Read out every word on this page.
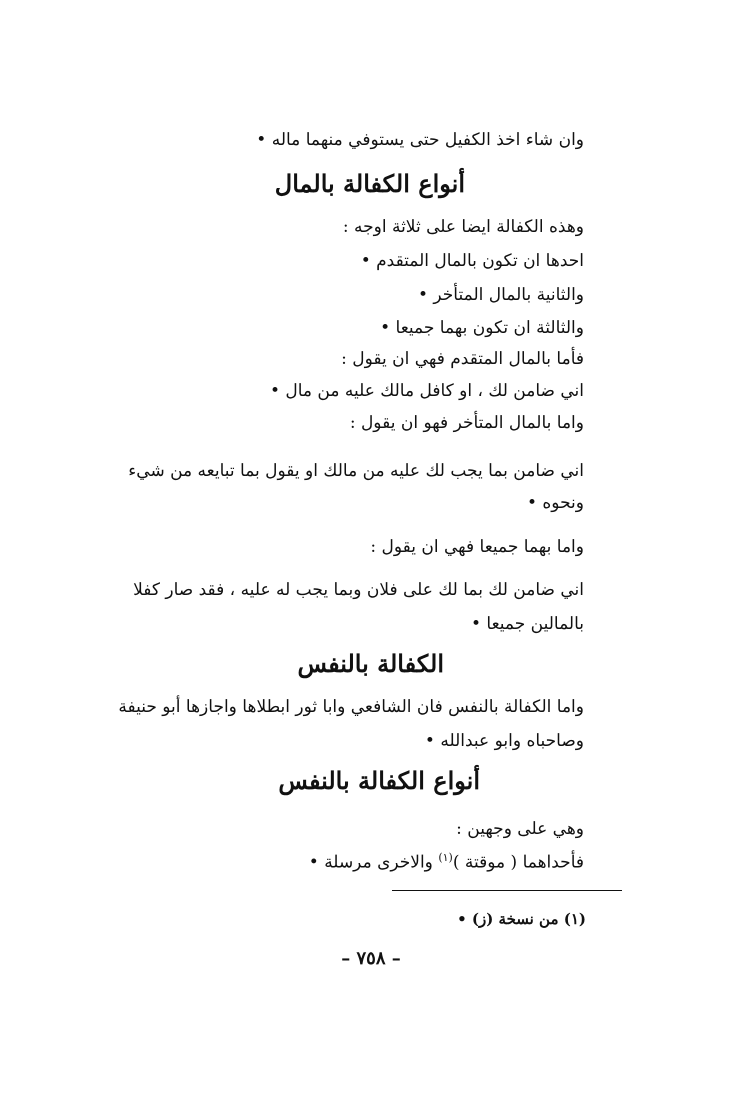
وان شاء اخذ الكفيل حتى يستوفي منهما ماله •
أنواع الكفالة بالمال
وهذه الكفالة ايضا على ثلاثة اوجه :
احدها ان تكون بالمال المتقدم •
والثانية بالمال المتأخر •
والثالثة ان تكون بهما جميعا •
فأما بالمال المتقدم فهي ان يقول :
اني ضامن لك ، او كافل مالك عليه من مال •
واما بالمال المتأخر فهو ان يقول :
اني ضامن بما يجب لك عليه من مالك او يقول بما تبايعه من شيء ونحوه •
واما بهما جميعا فهي ان يقول :
اني ضامن لك بما لك على فلان وبما يجب له عليه ، فقد صار كفلا بالمالين جميعا •
الكفالة بالنفس
واما الكفالة بالنفس فان الشافعي وابا ثور ابطلاها واجازها أبو حنيفة وصاحباه وابو عبدالله •
أنواع الكفالة بالنفس
وهي على وجهين :
فأحداهما ( موقتة )$^{(١)}$ والاخرى مرسلة •
(١) من نسخة (ز) •
– ٧٥٨ –
